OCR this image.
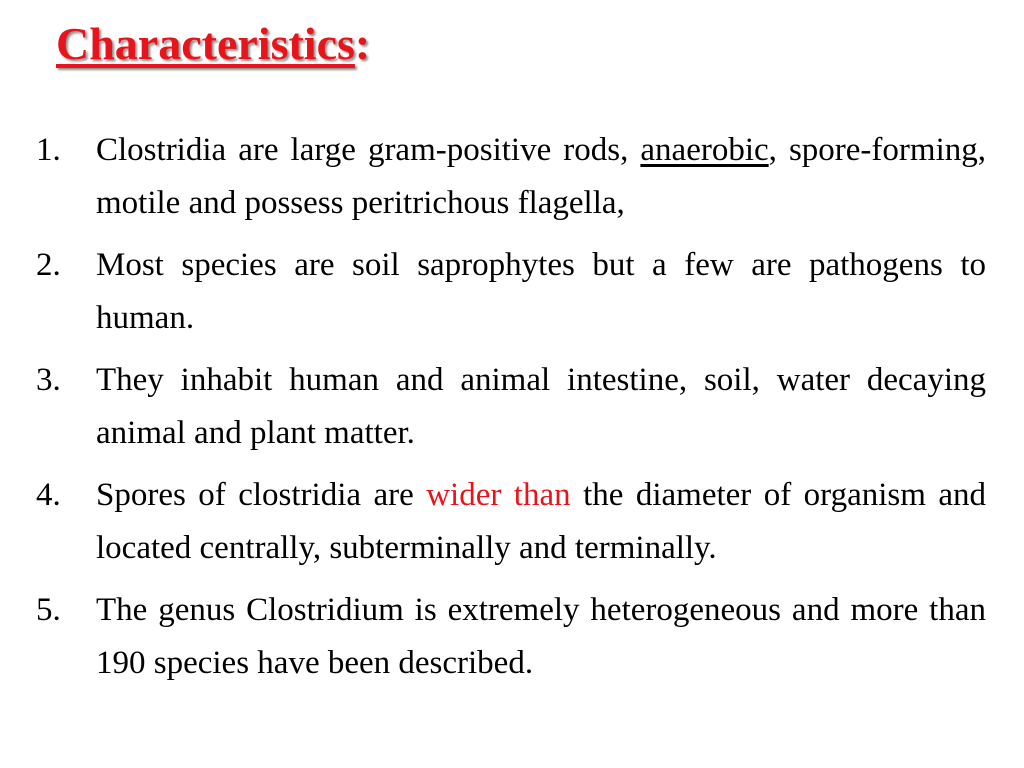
Characteristics:
1.	Clostridia are large gram-positive rods, anaerobic, spore-forming, motile and possess peritrichous flagella,
2.	Most species are soil saprophytes but a few are pathogens to human.
3.	They inhabit human and animal intestine, soil, water decaying animal and plant matter.
4.	Spores of clostridia are wider than the diameter of organism and located centrally, subterminally and terminally.
5.	The genus Clostridium is extremely heterogeneous and more than 190 species have been described.
